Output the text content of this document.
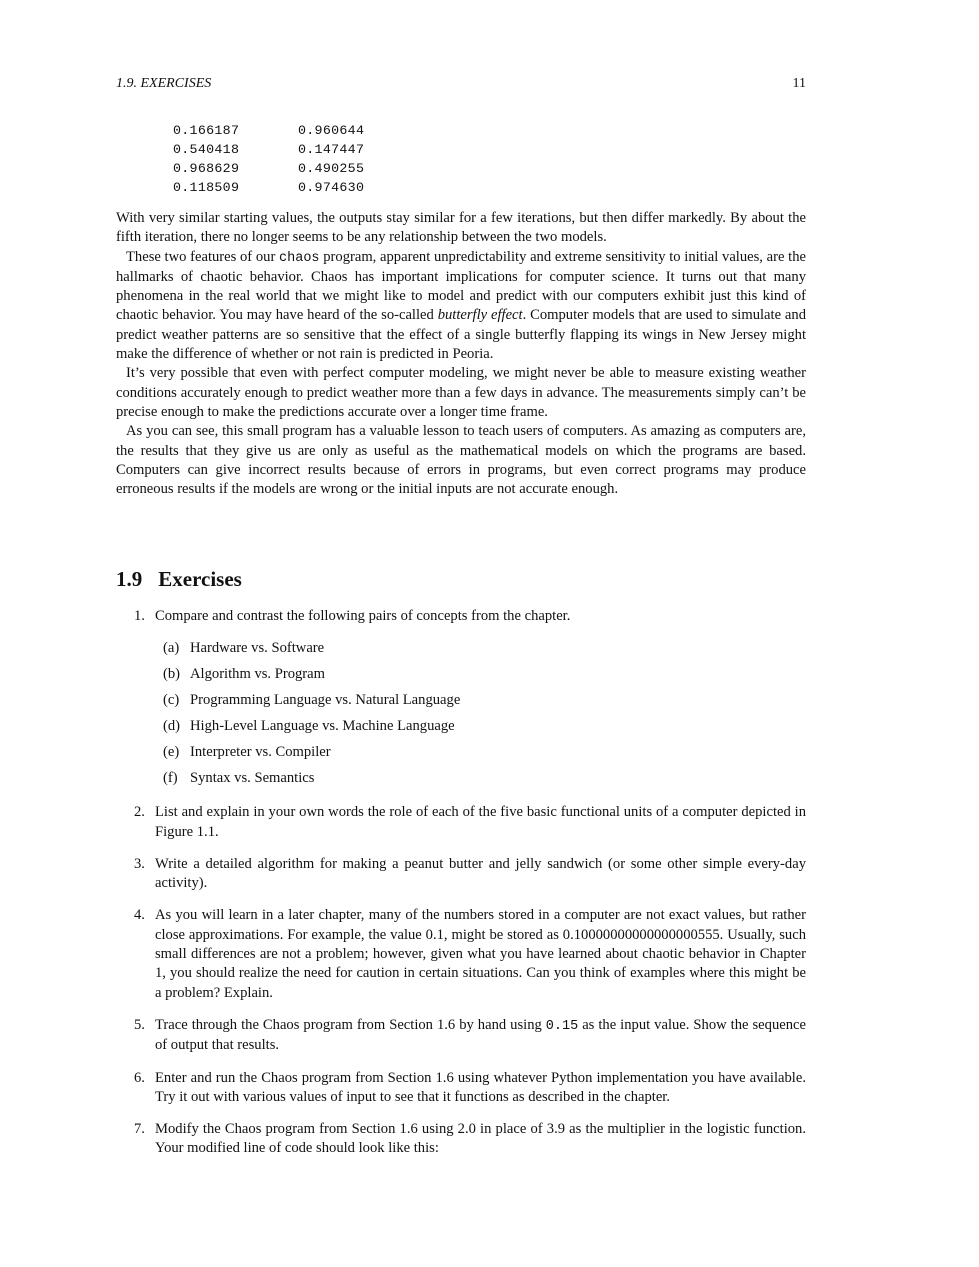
1.9. EXERCISES	11
0.166187	0.960644
0.540418	0.147447
0.968629	0.490255
0.118509	0.974630

With very similar starting values, the outputs stay similar for a few iterations, but then differ markedly. By about the fifth iteration, there no longer seems to be any relationship between the two models.

These two features of our chaos program, apparent unpredictability and extreme sensitivity to initial values, are the hallmarks of chaotic behavior. Chaos has important implications for computer science. It turns out that many phenomena in the real world that we might like to model and predict with our computers exhibit just this kind of chaotic behavior. You may have heard of the so-called butterfly effect. Computer models that are used to simulate and predict weather patterns are so sensitive that the effect of a single butterfly flapping its wings in New Jersey might make the difference of whether or not rain is predicted in Peoria.

It’s very possible that even with perfect computer modeling, we might never be able to measure existing weather conditions accurately enough to predict weather more than a few days in advance. The measurements simply can’t be precise enough to make the predictions accurate over a longer time frame.

As you can see, this small program has a valuable lesson to teach users of computers. As amazing as computers are, the results that they give us are only as useful as the mathematical models on which the programs are based. Computers can give incorrect results because of errors in programs, but even correct programs may produce erroneous results if the models are wrong or the initial inputs are not accurate enough.

1.9 Exercises
1. Compare and contrast the following pairs of concepts from the chapter.
(a) Hardware vs. Software
(b) Algorithm vs. Program
(c) Programming Language vs. Natural Language
(d) High-Level Language vs. Machine Language
(e) Interpreter vs. Compiler
(f) Syntax vs. Semantics
2. List and explain in your own words the role of each of the five basic functional units of a computer depicted in Figure 1.1.
3. Write a detailed algorithm for making a peanut butter and jelly sandwich (or some other simple every-day activity).
4. As you will learn in a later chapter, many of the numbers stored in a computer are not exact values, but rather close approximations. For example, the value 0.1, might be stored as 0.10000000000000000555. Usually, such small differences are not a problem; however, given what you have learned about chaotic behavior in Chapter 1, you should realize the need for caution in certain situations. Can you think of examples where this might be a problem? Explain.
5. Trace through the Chaos program from Section 1.6 by hand using 0.15 as the input value. Show the sequence of output that results.
6. Enter and run the Chaos program from Section 1.6 using whatever Python implementation you have available. Try it out with various values of input to see that it functions as described in the chapter.
7. Modify the Chaos program from Section 1.6 using 2.0 in place of 3.9 as the multiplier in the logistic function. Your modified line of code should look like this:
